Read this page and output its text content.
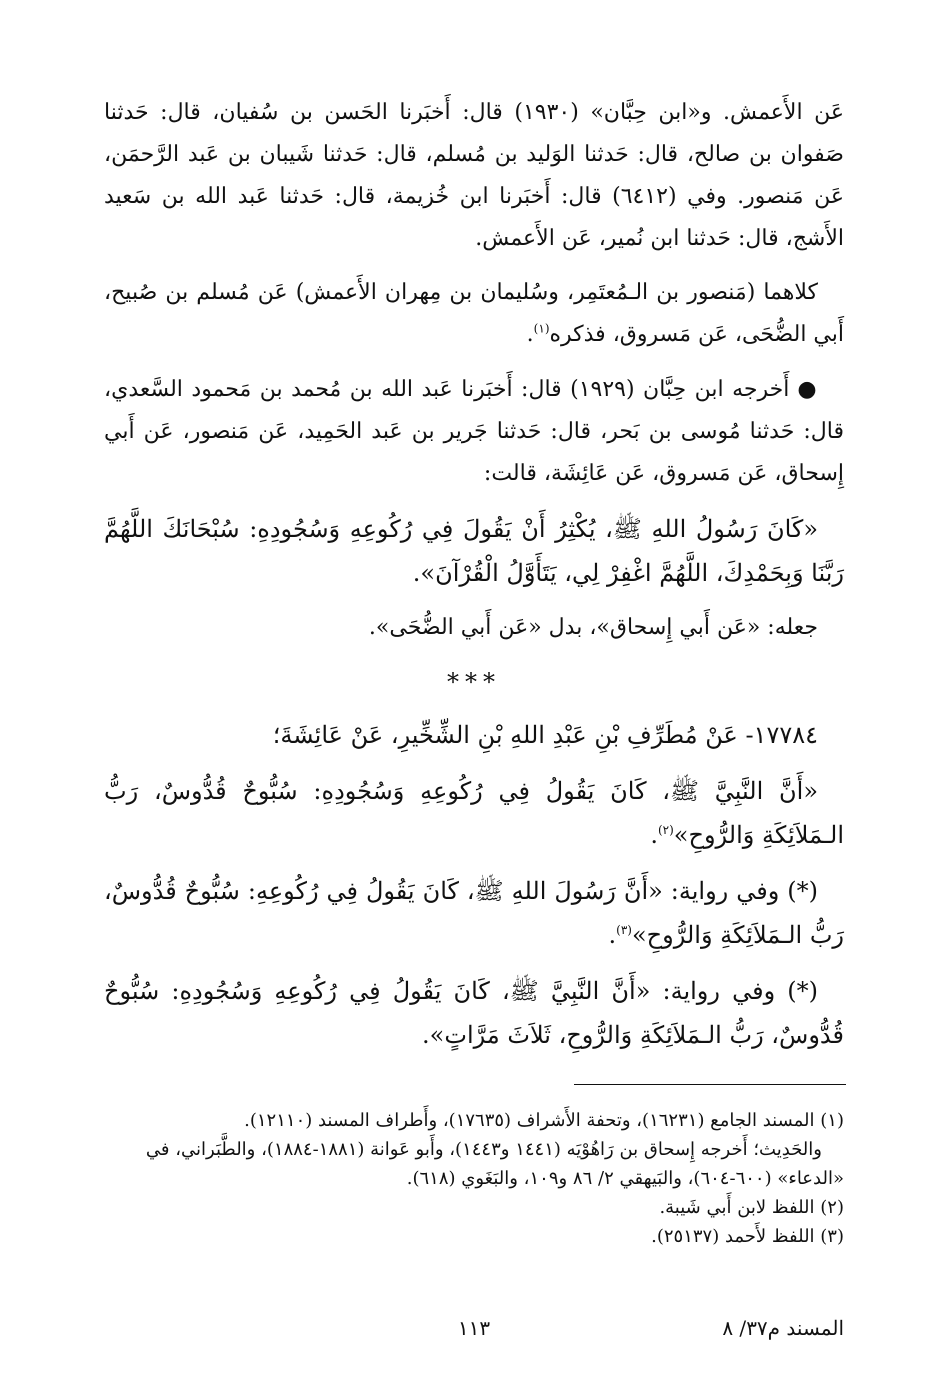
عَن الأَعمش. و«ابن حِبَّان» (١٩٣٠) قال: أَخبَرنا الحَسن بن سُفيان، قال: حَدثنا صَفوان بن صالح، قال: حَدثنا الوَليد بن مُسلم، قال: حَدثنا شَيبان بن عَبد الرَّحمَن، عَن مَنصور. وفي (٦٤١٢) قال: أَخبَرنا ابن خُزيمة، قال: حَدثنا عَبد الله بن سَعيد الأَشج، قال: حَدثنا ابن نُمير، عَن الأَعمش.

كلاهما (مَنصور بن الـمُعتَمِر، وسُليمان بن مِهران الأَعمش) عَن مُسلم بن صُبيح، أَبي الضُّحَى، عَن مَسروق، فذكره$^{(١)}$.

●أَخرجه ابن حِبَّان (١٩٢٩) قال: أَخبَرنا عَبد الله بن مُحمد بن مَحمود السَّعدي، قال: حَدثنا مُوسى بن بَحر، قال: حَدثنا جَرير بن عَبد الحَمِيد، عَن مَنصور، عَن أَبي إِسحاق، عَن مَسروق، عَن عَائِشَة، قالت:

«كَانَ رَسُولُ اللهِ ﷺ، يُكْثِرُ أَنْ يَقُولَ فِي رُكُوعِهِ وَسُجُودِهِ: سُبْحَانَكَ اللَّهُمَّ رَبَّنَا وَبِحَمْدِكَ، اللَّهُمَّ اغْفِرْ لِي، يَتَأَوَّلُ الْقُرْآنَ».

جعله: «عَن أَبي إِسحاق»، بدل «عَن أَبي الضُّحَى».

***

١٧٧٨٤- عَنْ مُطَرِّفِ بْنِ عَبْدِ اللهِ بْنِ الشِّخِّيرِ، عَنْ عَائِشَةَ؛

«أَنَّ النَّبِيَّ ﷺ، كَانَ يَقُولُ فِي رُكُوعِهِ وَسُجُودِهِ: سُبُّوحٌ قُدُّوسٌ، رَبُّ الـمَلاَئِكَةِ وَالرُّوحِ»$^{(٢)}$.

(*) وفي رواية: «أَنَّ رَسُولَ اللهِ ﷺ، كَانَ يَقُولُ فِي رُكُوعِهِ: سُبُّوحٌ قُدُّوسٌ، رَبُّ الـمَلاَئِكَةِ وَالرُّوحِ»$^{(٣)}$.

(*) وفي رواية: «أَنَّ النَّبِيَّ ﷺ، كَانَ يَقُولُ فِي رُكُوعِهِ وَسُجُودِهِ: سُبُّوحٌ قُدُّوسٌ، رَبُّ الـمَلاَئِكَةِ وَالرُّوحِ، ثَلاَثَ مَرَّاتٍ».

(١) المسند الجامع (١٦٢٣١)، وتحفة الأَشراف (١٧٦٣٥)، وأَطراف المسند (١٢١١٠).

والحَدِيث؛ أَخرجه إِسحاق بن رَاهُوْيَه (١٤٤١ و١٤٤٣)، وأَبو عَوانة (١٨٨١-١٨٨٤)، والطَّبَراني، في «الدعاء» (٦٠٠-٦٠٤)، والبَيهقي ٢/ ٨٦ و١٠٩، والبَغَوي (٦١٨).

(٢) اللفظ لابن أَبي شَيبة.

(٣) اللفظ لأَحمد (٢٥١٣٧).

المسند م٣٧/ ٨
١١٣
